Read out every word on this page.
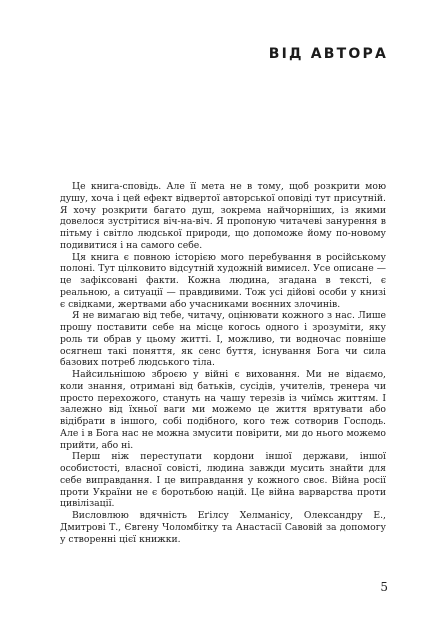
ВІД АВТОРА

Це книга-сповідь. Але її мета не в тому, щоб розкрити мою душу, хоча і цей ефект відвертої авторської оповіді тут присутній. Я хочу розкрити багато душ, зокрема найчорніших, із якими довелося зустрітися віч-на-віч. Я пропоную читачеві занурення в пітьму і світло людської природи, що допоможе йому по-новому подивитися і на самого себе.

Ця книга є повною історією мого перебування в російському полоні. Тут цілковито відсутній художній вимисел. Усе описане — це зафіксовані факти. Кожна людина, згадана в тексті, є реальною, а ситуації — правдивими. Тож усі дійові особи у книзі є свідками, жертвами або учасниками воєнних злочинів.

Я не вимагаю від тебе, читачу, оцінювати кожного з нас. Лише прошу поставити себе на місце когось одного і зрозуміти, яку роль ти обрав у цьому житті. І, можливо, ти водночас повніше осягнеш такі поняття, як сенс буття, існування Бога чи сила базових потреб людського тіла.

Найсильнішою зброєю у війні є виховання. Ми не відаємо, коли знання, отримані від батьків, сусідів, учителів, тренера чи просто перехожого, стануть на чашу терезів із чиїмсь життям. І залежно від їхньої ваги ми можемо це життя врятувати або відібрати в іншого, собі подібного, кого теж сотворив Господь. Але і в Бога нас не можна змусити повірити, ми до нього можемо прийти, або ні.

Перш ніж переступати кордони іншої держави, іншої особистості, власної совісті, людина завжди мусить знайти для себе виправдання. І це виправдання у кожного своє. Війна росії проти України не є боротьбою націй. Це війна варварства проти цивілізації.

Висловлюю вдячність Еґілсу Хелманісу, Олександру Е., Дмитрові Т., Євгену Чоломбітку та Анастасії Савовій за допомогу у створенні цієї книжки.

5
